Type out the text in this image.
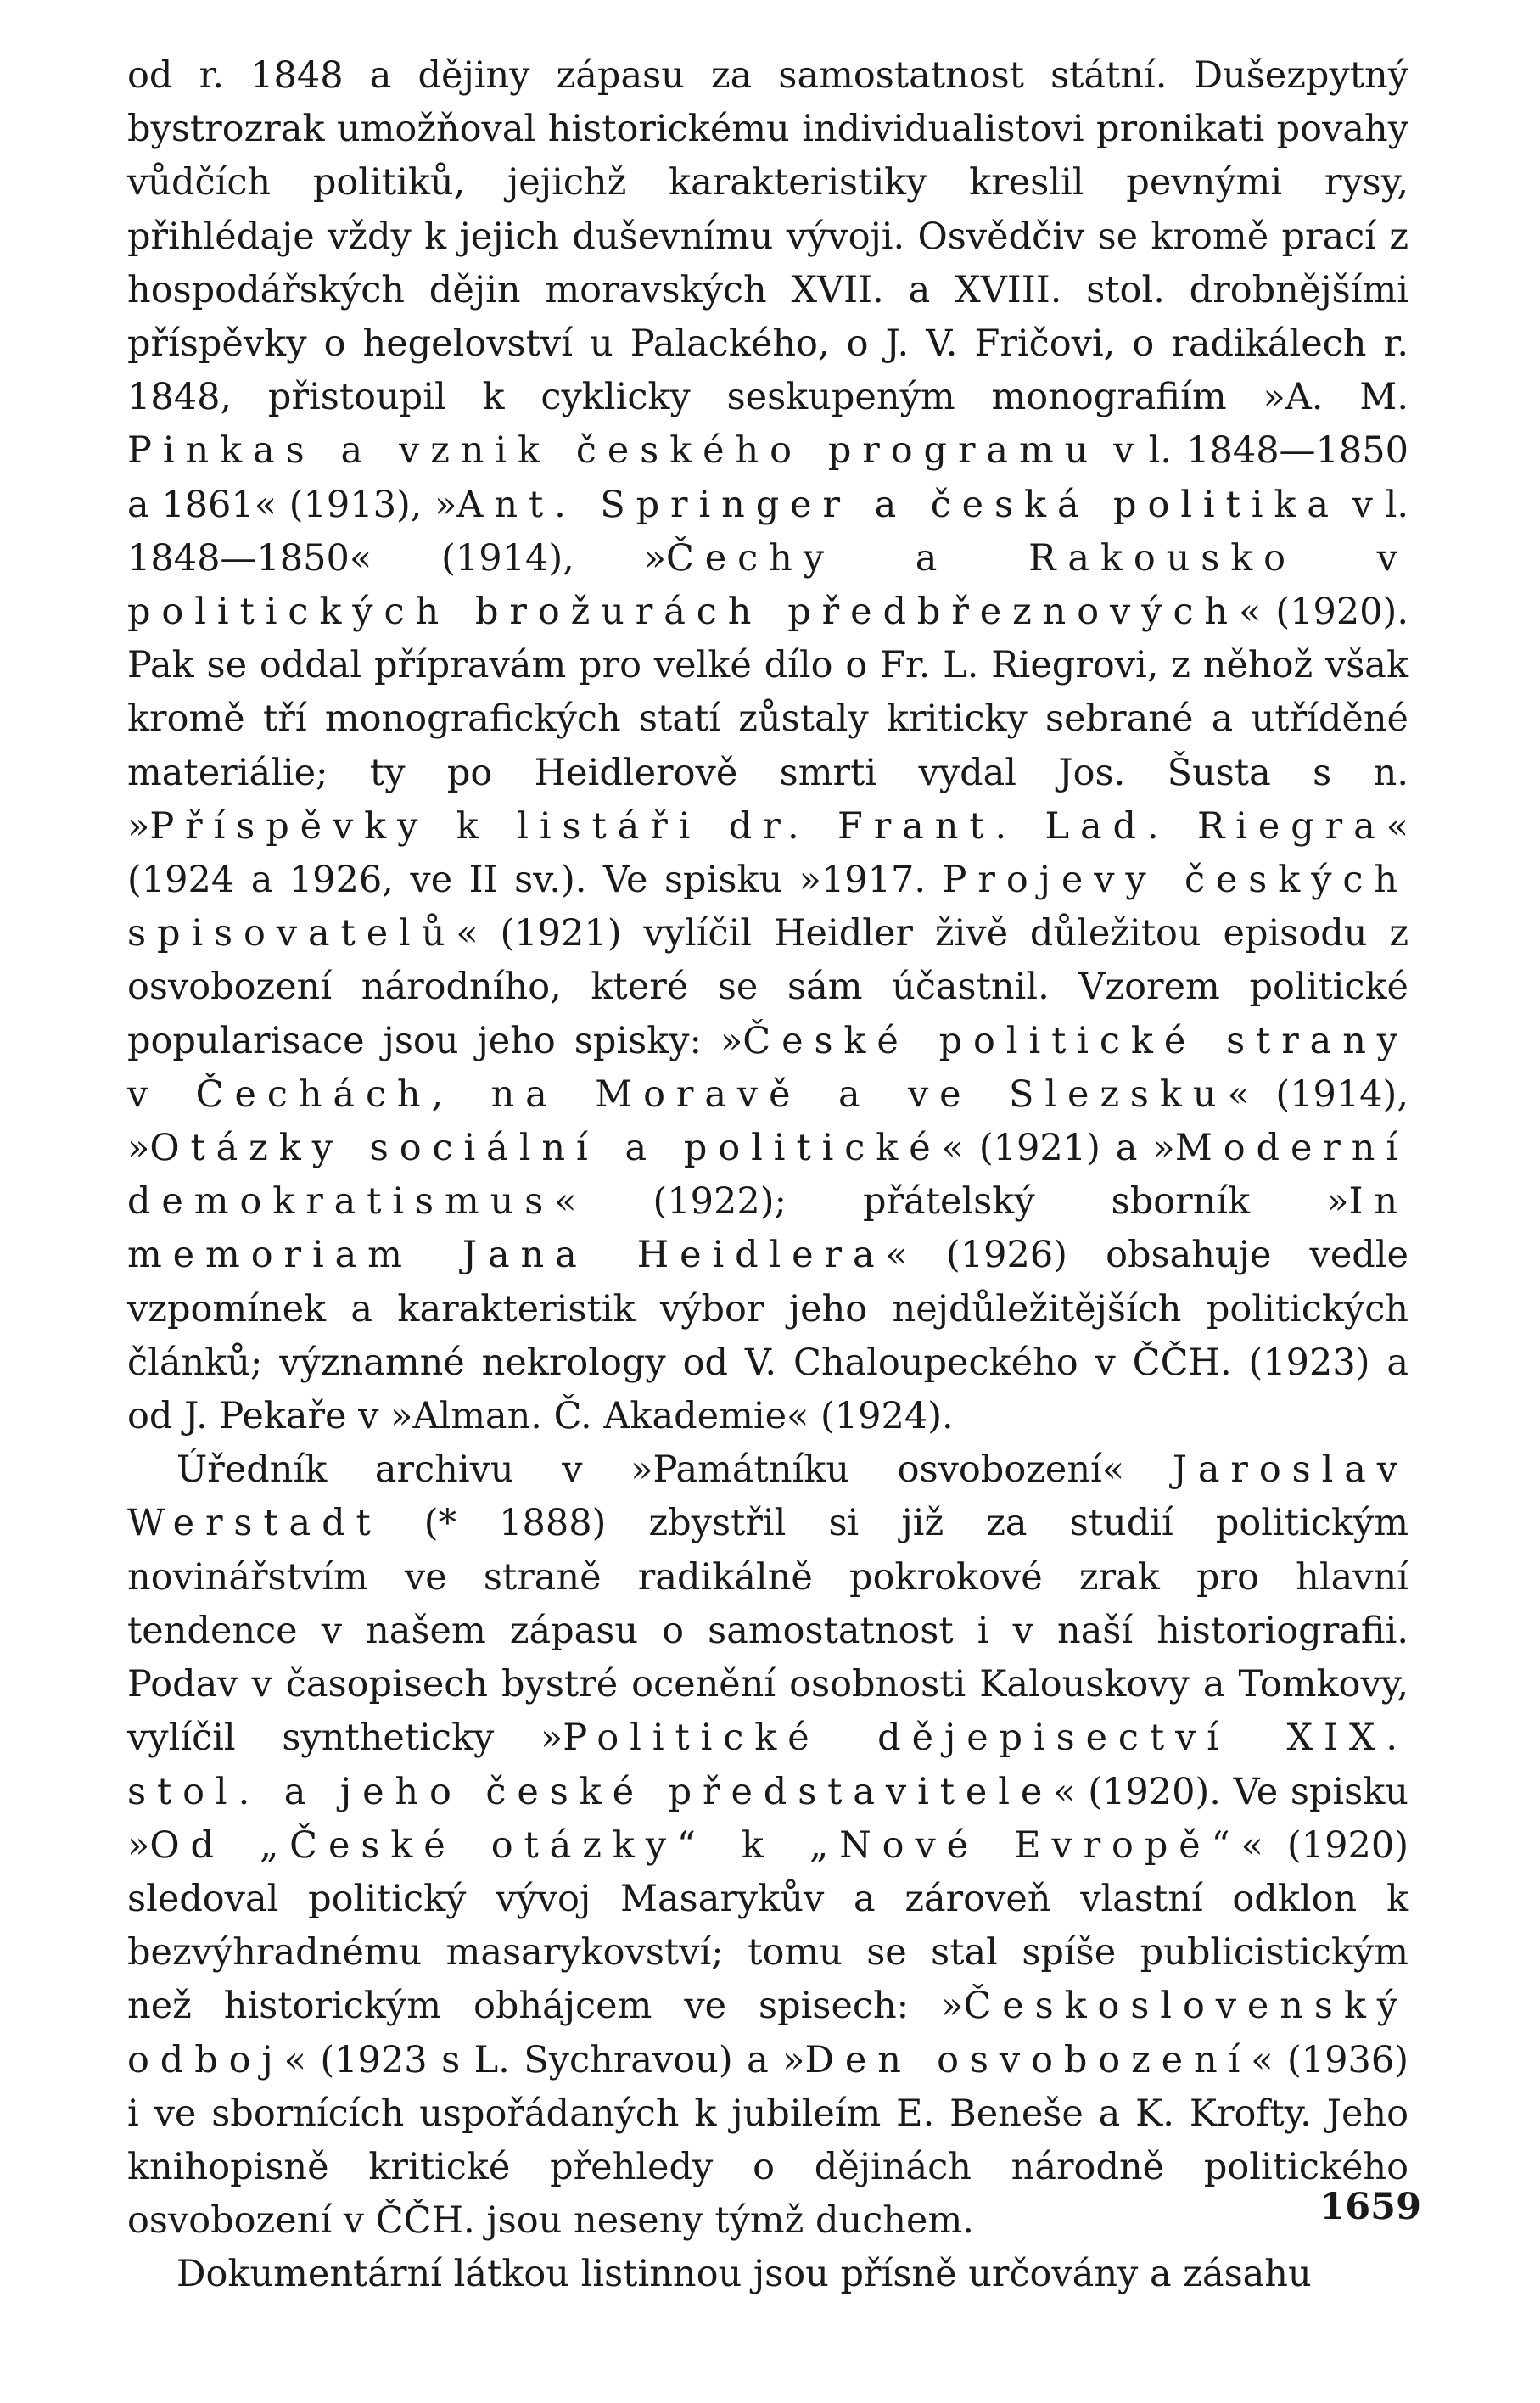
od r. 1848 a dějiny zápasu za samostatnost státní. Dušezpytný bystrozrak umožňoval historickému individualistovi pronikati povahy vůdčích politiků, jejichž karakteristiky kreslil pevnými rysy, přihlédaje vždy k jejich duševnímu vývoji. Osvědčiv se kromě prací z hospodářských dějin moravských XVII. a XVIII. stol. drobnějšími příspěvky o hegelovství u Palackého, o J. V. Fričovi, o radikálech r. 1848, přistoupil k cyklicky seskupeným monografiím »A. M. Pinkas a vznik českého programu v l. 1848—1850 a 1861« (1913), »Ant. Springer a česká politika v l. 1848—1850« (1914), »Čechy a Rakousko v politických brožurách předbřeznových« (1920). Pak se oddal přípravám pro velké dílo o Fr. L. Riegrovi, z něhož však kromě tří monografických statí zůstaly kriticky sebrané a utříděné materiálie; ty po Heidlerově smrti vydal Jos. Šusta s n. »Příspěvky k listáři dr. Frant. Lad. Riegra« (1924 a 1926, ve II sv.). Ve spisku »1917. Projevy českých spisovatelů« (1921) vylíčil Heidler živě důležitou episodu z osvobození národního, které se sám účastnil. Vzorem politické popularisace jsou jeho spisky: »České politické strany v Čechách, na Moravě a ve Slezsku« (1914), »Otázky sociální a politické« (1921) a »Moderní demokratismus« (1922); přátelský sborník »In memoriam Jana Heidlera« (1926) obsahuje vedle vzpomínek a karakteristik výbor jeho nejdůležitějších politických článků; významné nekrology od V. Chaloupeckého v ČČH. (1923) a od J. Pekaře v »Alman. Č. Akademie« (1924).

Úředník archivu v »Památníku osvobození« Jaroslav Werstadt (* 1888) zbystřil si již za studií politickým novinářstvím ve straně radikálně pokrokové zrak pro hlavní tendence v našem zápasu o samostatnost i v naší historiografii. Podav v časopisech bystré ocenění osobnosti Kalouskovy a Tomkovy, vylíčil synthеticky »Politické dějepisectví XIX. stol. a jeho české představitele« (1920). Ve spisku »Od „České otázky“ k „Nové Evropě“« (1920) sledoval politický vývoj Masarykův a zároveň vlastní odklon k bezvýhradnému masarykovství; tomu se stal spíše publicistickým než historickým obhájcem ve spisech: »Československý odboj« (1923 s L. Sychravou) a »Den osvobození« (1936) i ve sbornících uspořádaných k jubileím E. Beneše a K. Krofty. Jeho knihopisně kritické přehledy o dějinách národně politického osvobození v ČČH. jsou neseny týmž duchem.

Dokumentární látkou listinnou jsou přísně určovány a zásahu

1659
